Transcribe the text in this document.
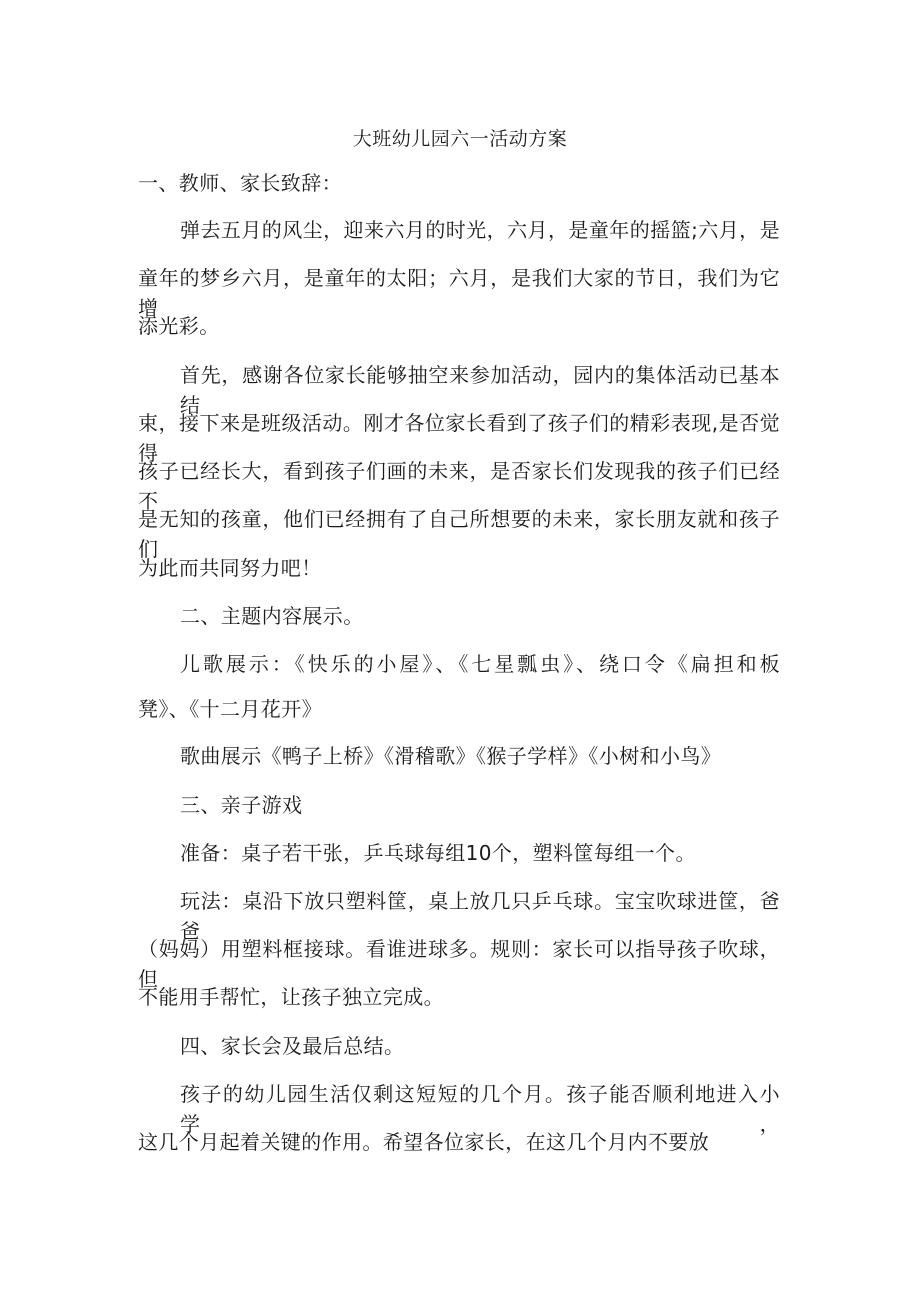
大班幼儿园六一活动方案
一、教师、家长致辞：
弹去五月的风尘，迎来六月的时光，六月，是童年的摇篮;六月，是
童年的梦乡六月，是童年的太阳；六月，是我们大家的节日，我们为它增
添光彩。
首先，感谢各位家长能够抽空来参加活动，园内的集体活动已基本结
束，接下来是班级活动。刚才各位家长看到了孩子们的精彩表现,是否觉得
孩子已经长大，看到孩子们画的未来，是否家长们发现我的孩子们已经不
是无知的孩童，他们已经拥有了自己所想要的未来，家长朋友就和孩子们
为此而共同努力吧！
二、主题内容展示。
儿歌展示：《快乐的小屋》、《七星瓢虫》、绕口令《扁担和板
凳》、《十二月花开》
歌曲展示《鸭子上桥》《滑稽歌》《猴子学样》《小树和小鸟》
三、亲子游戏
准备：桌子若干张，乒乓球每组10个，塑料筐每组一个。
玩法：桌沿下放只塑料筐，桌上放几只乒乓球。宝宝吹球进筐，爸爸
（妈妈）用塑料框接球。看谁进球多。规则：家长可以指导孩子吹球，但
不能用手帮忙，让孩子独立完成。
四、家长会及最后总结。
孩子的幼儿园生活仅剩这短短的几个月。孩子能否顺利地进入小学，
这几个月起着关键的作用。希望各位家长，在这几个月内不要放
